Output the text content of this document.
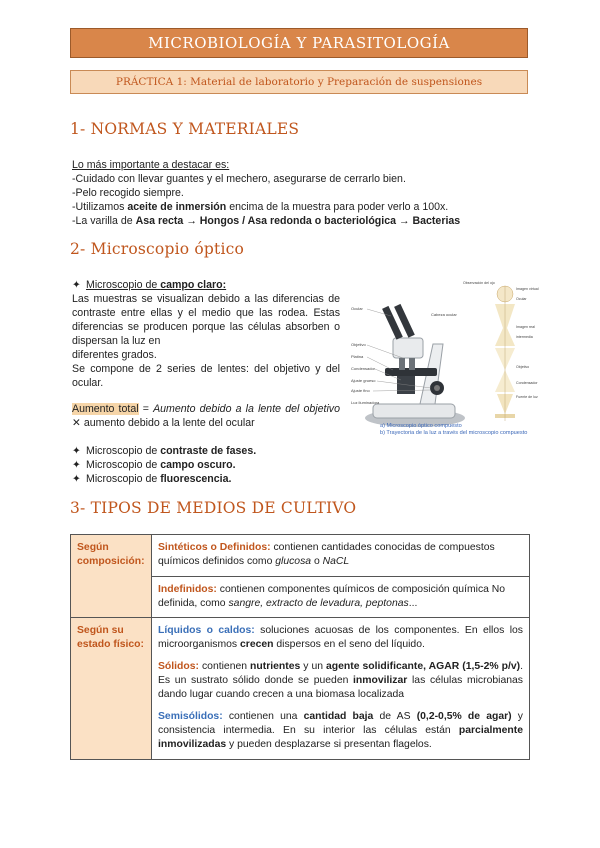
MICROBIOLOGÍA Y PARASITOLOGÍA
PRÁCTICA 1: Material de laboratorio y Preparación de suspensiones
1- NORMAS Y MATERIALES
Lo más importante a destacar es:
-Cuidado con llevar guantes y el mechero, asegurarse de cerrarlo bien.
-Pelo recogido siempre.
-Utilizamos aceite de inmersión encima de la muestra para poder verlo a 100x.
-La varilla de Asa recta → Hongos / Asa redonda o bacteriológica → Bacterias
2- Microscopio óptico
✦ Microscopio de campo claro:
Las muestras se visualizan debido a las diferencias de contraste entre ellas y el medio que las rodea. Estas diferencias se producen porque las células absorben o dispersan la luz en
diferentes grados.
Se compone de 2 series de lentes: del objetivo y del ocular.
Aumento total = Aumento debido a la lente del objetivo ✕ aumento debido a la lente del ocular
✦ Microscopio de contraste de fases.
✦ Microscopio de campo oscuro.
✦ Microscopio de fluorescencia.
Ocular
Objetivo
Platina
Condensador
Ajuste grueso
Ajuste fino
Luz iluminadora
Cabeza ocular
Observación del ojo
Imagen virtual
Ocular
Imagen real
intermedia
Objetivo
Condensador
Fuente de luz
a) Microscopio óptico compuesto
b) Trayectoria de la luz a través del microscopio compuesto
3- TIPOS DE MEDIOS DE CULTIVO
Según composición:	Sintéticos o Definidos: contienen cantidades conocidas de compuestos químicos definidos como glucosa o NaCL
	Indefinidos: contienen componentes químicos de composición química No definida, como sangre, extracto de levadura, peptonas...
Según su estado físico:	Líquidos o caldos: soluciones acuosas de los componentes. En ellos los microorganismos crecen dispersos en el seno del líquido.
Sólidos: contienen nutrientes y un agente solidificante, AGAR (1,5-2% p/v). Es un sustrato sólido donde se pueden inmovilizar las células microbianas dando lugar cuando crecen a una biomasa localizada
Semisólidos: contienen una cantidad baja de AS (0,2-0,5% de agar) y consistencia intermedia. En su interior las células están parcialmente inmovilizadas y pueden desplazarse si presentan flagelos.
